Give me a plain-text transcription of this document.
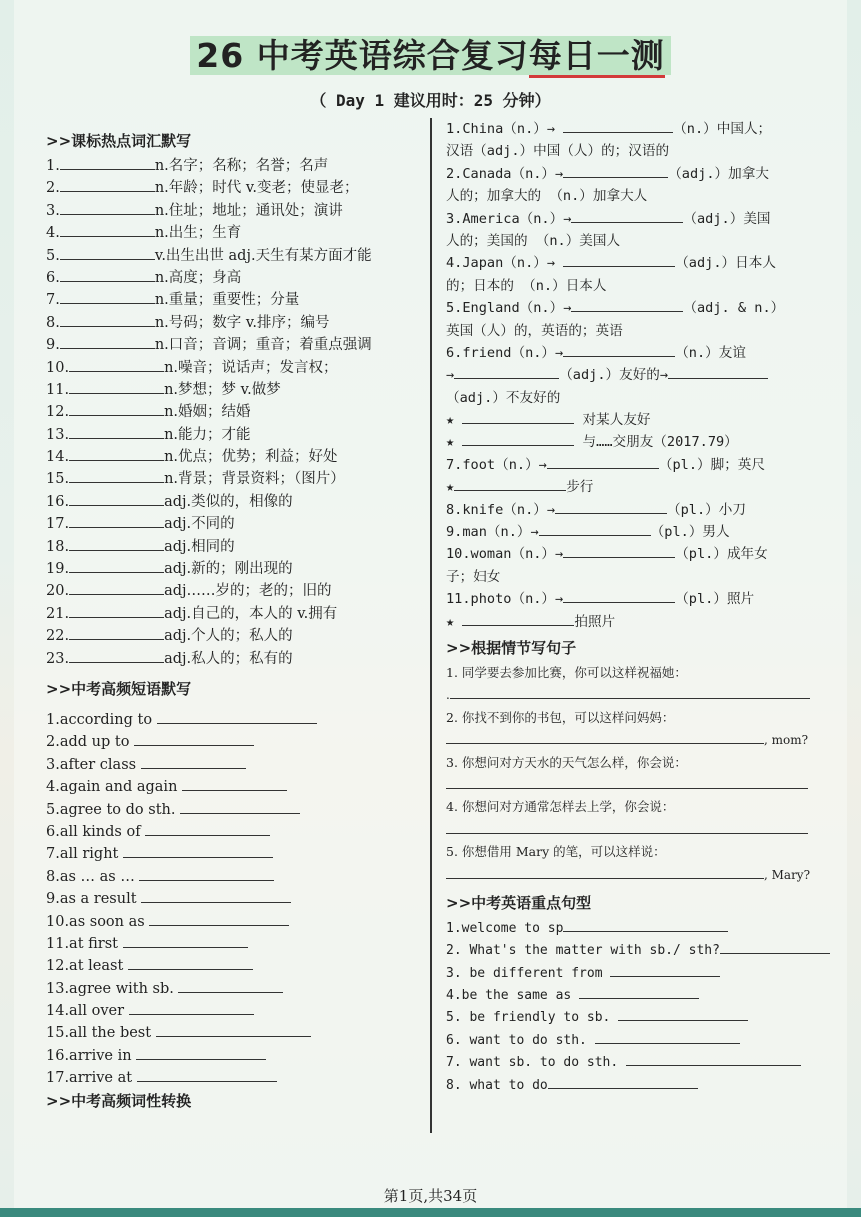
26 中考英语综合复习每日一测
（ Day 1 建议用时：25 分钟）
>>课标热点词汇默写
1.	n.名字；名称；名誉；名声
2.	n.年龄；时代 v.变老；使显老；
3.	n.住址；地址；通讯处；演讲
4.	n.出生；生育
5.	v.出生出世 adj.天生有某方面才能
6.	n.高度；身高
7.	n.重量；重要性；分量
8.	n.号码；数字 v.排序；编号
9.	n.口音；音调；重音；着重点强调
10.	n.噪音；说话声；发言权；
11.	n.梦想；梦 v.做梦
12.	n.婚姻；结婚
13.	n.能力；才能
14.	n.优点；优势；利益；好处
15.	n.背景；背景资料；（图片）
16.	adj.类似的，相像的
17.	adj.不同的
18.	adj.相同的
19.	adj.新的；刚出现的
20.	adj……岁的；老的；旧的
21.	adj.自己的，本人的 v.拥有
22.	adj.个人的；私人的
23.	adj.私人的；私有的
>>中考高频短语默写
1.according to
2.add up to
3.after class
4.again and again
5.agree to do sth.
6.all kinds of
7.all right
8.as … as …
9.as a result
10.as soon as
11.at first
12.at least
13.agree with sb.
14.all over
15.all the best
16.arrive in
17.arrive at
>>中考高频词性转换
1.China（n.）→	（n.）中国人；
汉语（adj.）中国（人）的；汉语的
2.Canada（n.）→	（adj.）加拿大
人的；加拿大的 （n.）加拿大人
3.America（n.）→	（adj.）美国
人的；美国的 （n.）美国人
4.Japan（n.）→	（adj.）日本人
的；日本的 （n.）日本人
5.England（n.）→	（adj. & n.）
英国（人）的，英语的；英语
6.friend（n.）→	（n.）友谊
→	（adj.）友好的→
（adj.）不友好的
★	对某人友好
★	与……交朋友（2017.79）
7.foot（n.）→	（pl.）脚；英尺
★	步行
8.knife（n.）→	（pl.）小刀
9.man（n.）→	（pl.）男人
10.woman（n.）→	（pl.）成年女
子；妇女
11.photo（n.）→	（pl.）照片
★	拍照片
>>根据情节写句子
1. 同学要去参加比赛，你可以这样祝福她：
.
2. 你找不到你的书包，可以这样问妈妈：
, mom?
3. 你想问对方天水的天气怎么样，你会说：
4. 你想问对方通常怎样去上学，你会说：
5. 你想借用 Mary 的笔，可以这样说：
, Mary?
>>中考英语重点句型
1.welcome to sp
2. What's the matter with sb./ sth?
3. be different from
4.be the same as
5. be friendly to sb.
6. want to do sth.
7. want sb. to do sth.
8. what to do
第1页,共34页
